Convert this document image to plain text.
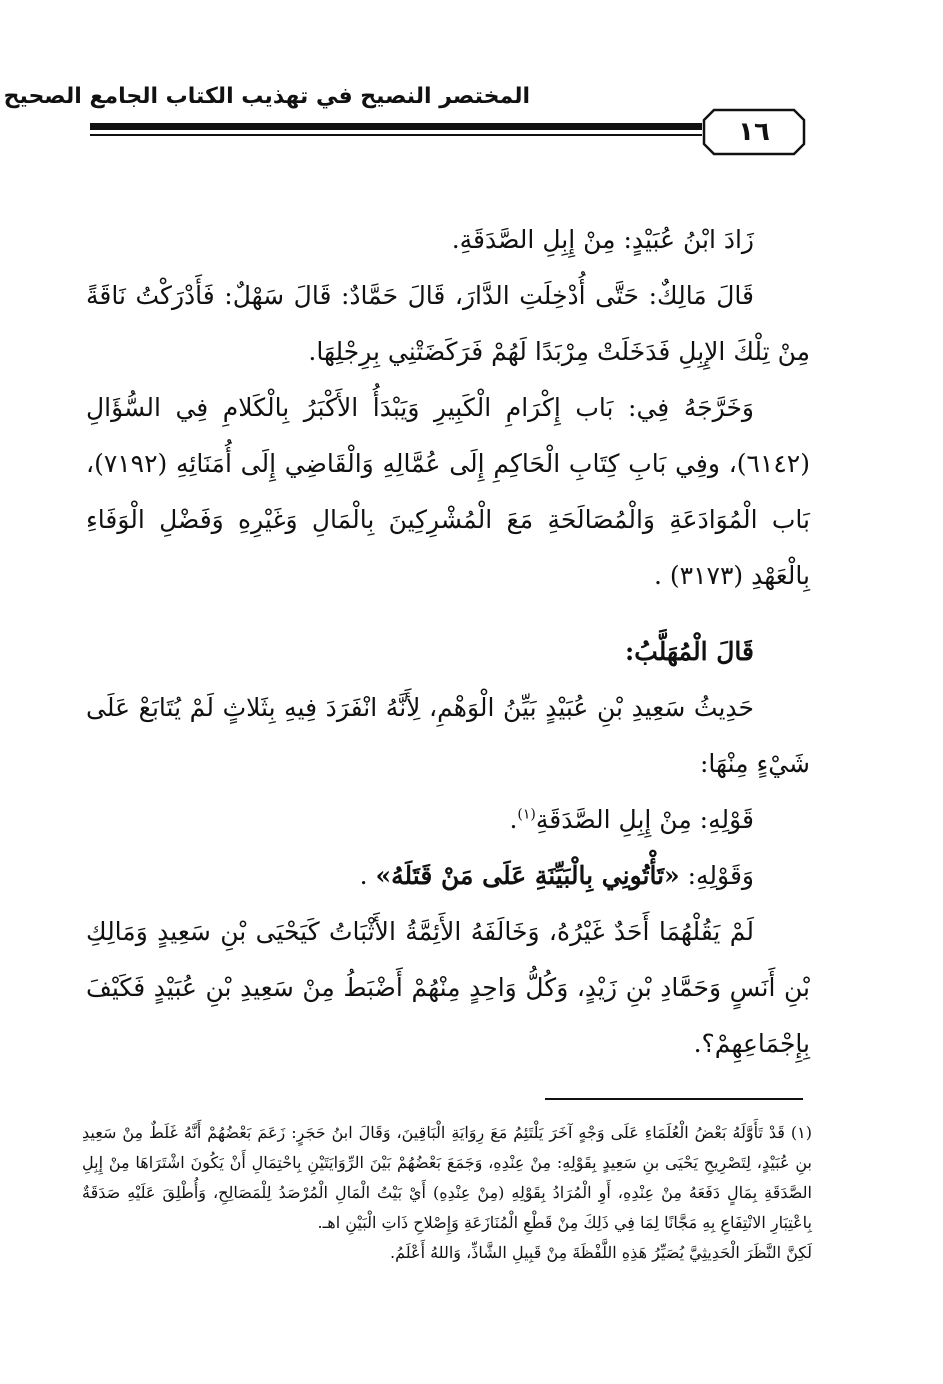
المختصر النصيح في تهذيب الكتاب الجامع الصحيح
١٦

زَادَ ابْنُ عُبَيْدٍ: مِنْ إِبِلِ الصَّدَقَةِ.

قَالَ مَالِكٌ: حَتَّى أُدْخِلَتِ الدَّارَ، قَالَ حَمَّادٌ: قَالَ سَهْلٌ: فَأَدْرَكْتُ نَاقَةً مِنْ تِلْكَ الإِبِلِ فَدَخَلَتْ مِرْبَدًا لَهُمْ فَرَكَضَتْنِي بِرِجْلِهَا.

وَخَرَّجَهُ فِي: بَاب إِكْرَامِ الْكَبِيرِ وَيَبْدَأُ الأَكْبَرُ بِالْكَلامِ فِي السُّؤَالِ (٦١٤٢)، وفِي بَابِ كِتَابِ الْحَاكِمِ إِلَى عُمَّالِهِ وَالْقَاضِي إِلَى أُمَنَائِهِ (٧١٩٢)، بَاب الْمُوَادَعَةِ وَالْمُصَالَحَةِ مَعَ الْمُشْرِكِينَ بِالْمَالِ وَغَيْرِهِ وَفَضْلِ الْوَفَاءِ بِالْعَهْدِ (٣١٧٣) .

قَالَ الْمُهَلَّبُ:

حَدِيثُ سَعِيدِ بْنِ عُبَيْدٍ بَيِّنُ الْوَهْمِ، لِأَنَّهُ انْفَرَدَ فِيهِ بِثَلاثٍ لَمْ يُتَابَعْ عَلَى شَيْءٍ مِنْهَا:

قَوْلِهِ: مِنْ إِبِلِ الصَّدَقَةِ$^{(١)}$.

وَقَوْلِهِ: «تَأْتُونِي بِالْبَيِّنَةِ عَلَى مَنْ قَتَلَهُ» .

لَمْ يَقُلْهُمَا أَحَدٌ غَيْرُهُ، وَخَالَفَهُ الأَئِمَّةُ الأَثْبَاتُ كَيَحْيَى بْنِ سَعِيدٍ وَمَالِكِ بْنِ أَنَسٍ وَحَمَّادِ بْنِ زَيْدٍ، وَكُلُّ وَاحِدٍ مِنْهُمْ أَضْبَطُ مِنْ سَعِيدِ بْنِ عُبَيْدٍ فَكَيْفَ بِإِجْمَاعِهِمْ؟.

(١) قَدْ تَأَوَّلَهُ بَعْضُ الْعُلَمَاءِ عَلَى وَجْهٍ آخَرَ يَلْتَئِمُ مَعَ رِوَايَةِ الْبَاقِينَ، وَقَالَ ابنُ حَجَرٍ: زَعَمَ بَعْضُهُمْ أَنَّهُ غَلَطٌ مِنْ سَعِيدِ بنِ عُبَيْدٍ، لِتَصْرِيحِ يَحْيَى بنِ سَعِيدٍ بِقَوْلِهِ: مِنْ عِنْدِهِ، وَجَمَعَ بَعْضُهُمْ بَيْنَ الرِّوَايَتَيْنِ بِاحْتِمَالِ أَنْ يَكُونَ اشْتَرَاهَا مِنْ إِبِلِ الصَّدَقَةِ بِمَالٍ دَفَعَهُ مِنْ عِنْدِهِ، أَوِ الْمُرَادُ بِقَوْلِهِ (مِنْ عِنْدِهِ) أَيْ بَيْتُ الْمَالِ الْمُرْصَدُ لِلْمَصَالِحِ، وَأُطْلِقَ عَلَيْهِ صَدَقَةٌ بِاعْتِبَارِ الانْتِفَاعِ بِهِ مَجَّانًا لِمَا فِي ذَلِكَ مِنْ قَطْعِ الْمُنَازَعَةِ وَإِصْلاحِ ذَاتِ الْبَيْنِ اهـ.

لَكِنَّ النَّظَرَ الْحَدِيثِيَّ يُصَيِّرُ هَذِهِ اللَّفْظَةَ مِنْ قَبِيلِ الشَّاذِّ، وَاللهُ أَعْلَمُ.
